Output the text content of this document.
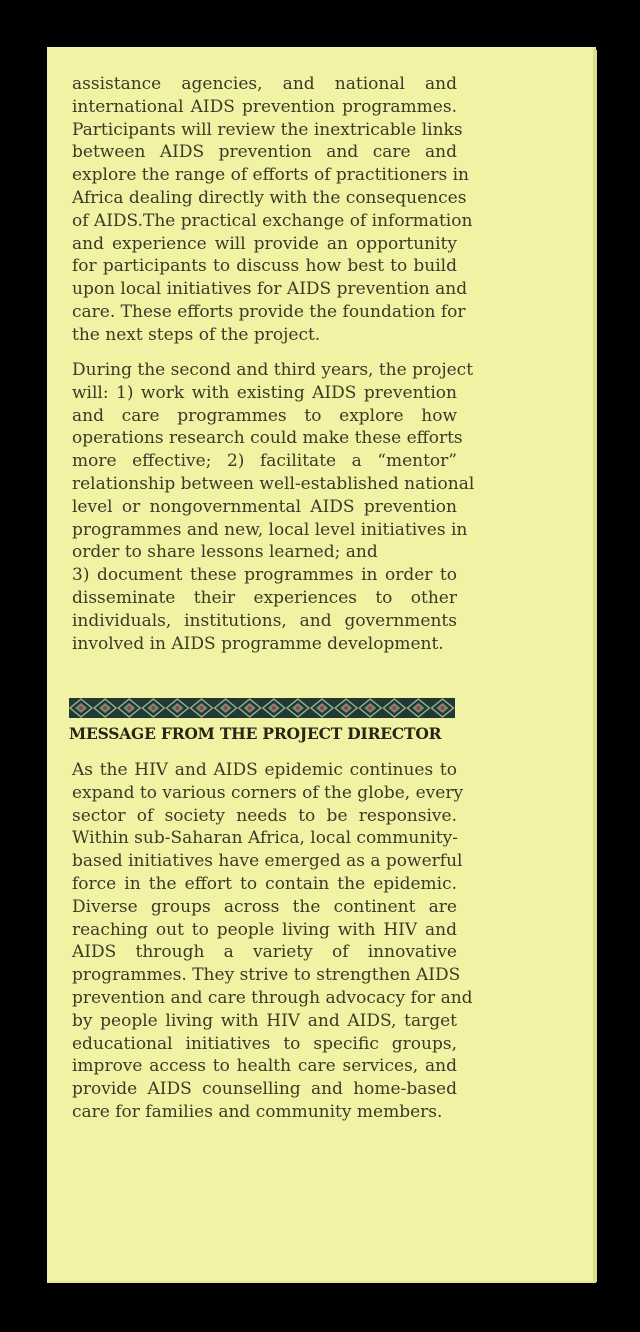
assistance agencies, and national and
international AIDS prevention programmes.
Participants will review the inextricable links
between AIDS prevention and care and
explore the range of efforts of practitioners in
Africa dealing directly with the consequences
of AIDS.The practical exchange of information
and experience will provide an opportunity
for participants to discuss how best to build
upon local initiatives for AIDS prevention and
care. These efforts provide the foundation for
the next steps of the project.

During the second and third years, the project
will: 1) work with existing AIDS prevention
and care programmes to explore how
operations research could make these efforts
more effective; 2) facilitate a “mentor”
relationship between well-established national
level or nongovernmental AIDS prevention
programmes and new, local level initiatives in
order to share lessons learned; and
3) document these programmes in order to
disseminate their experiences to other
individuals, institutions, and governments
involved in AIDS programme development.

MESSAGE FROM THE PROJECT DIRECTOR

As the HIV and AIDS epidemic continues to
expand to various corners of the globe, every
sector of society needs to be responsive.
Within sub-Saharan Africa, local community-
based initiatives have emerged as a powerful
force in the effort to contain the epidemic.
Diverse groups across the continent are
reaching out to people living with HIV and
AIDS through a variety of innovative
programmes. They strive to strengthen AIDS
prevention and care through advocacy for and
by people living with HIV and AIDS, target
educational initiatives to specific groups,
improve access to health care services, and
provide AIDS counselling and home-based
care for families and community members.
